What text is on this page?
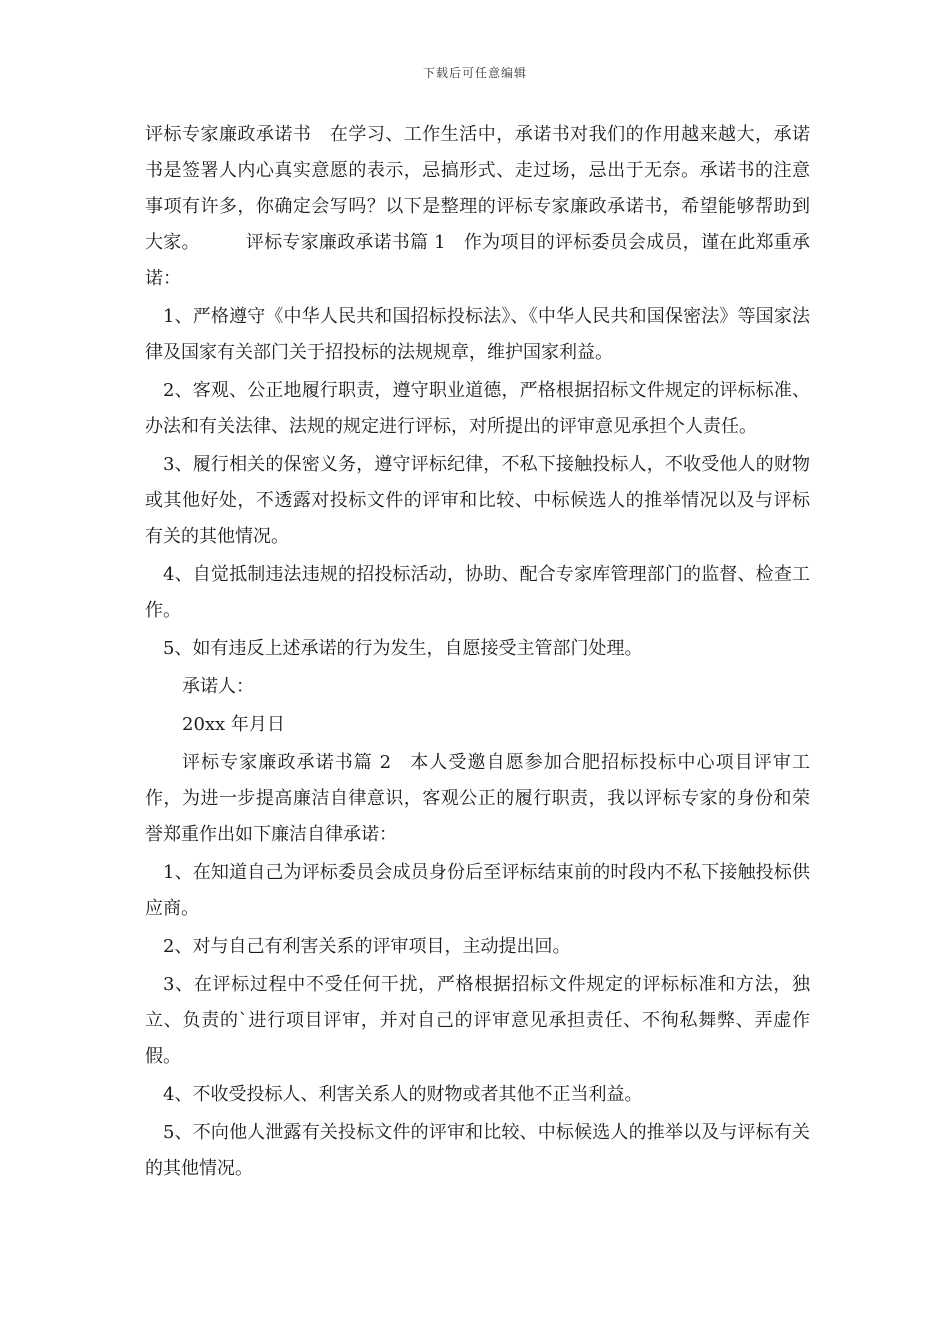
下载后可任意编辑

评标专家廉政承诺书 在学习、工作生活中，承诺书对我们的作用越来越大，承诺书是签署人内心真实意愿的表示，忌搞形式、走过场，忌出于无奈。承诺书的注意事项有许多，你确定会写吗？以下是整理的评标专家廉政承诺书，希望能够帮助到大家。	评标专家廉政承诺书篇 1 作为项目的评标委员会成员，谨在此郑重承诺：

1、严格遵守《中华人民共和国招标投标法》、《中华人民共和国保密法》等国家法律及国家有关部门关于招投标的法规规章，维护国家利益。

2、客观、公正地履行职责，遵守职业道德，严格根据招标文件规定的评标标准、办法和有关法律、法规的规定进行评标，对所提出的评审意见承担个人责任。

3、履行相关的保密义务，遵守评标纪律，不私下接触投标人，不收受他人的财物或其他好处，不透露对投标文件的评审和比较、中标候选人的推举情况以及与评标有关的其他情况。

4、自觉抵制违法违规的招投标活动，协助、配合专家库管理部门的监督、检查工作。

5、如有违反上述承诺的行为发生，自愿接受主管部门处理。

承诺人：

20xx 年月日

评标专家廉政承诺书篇 2 本人受邀自愿参加合肥招标投标中心项目评审工作，为进一步提高廉洁自律意识，客观公正的履行职责，我以评标专家的身份和荣誉郑重作出如下廉洁自律承诺：

1、在知道自己为评标委员会成员身份后至评标结束前的时段内不私下接触投标供应商。

2、对与自己有利害关系的评审项目，主动提出回。

3、在评标过程中不受任何干扰，严格根据招标文件规定的评标标准和方法，独立、负责的`进行项目评审，并对自己的评审意见承担责任、不徇私舞弊、弄虚作假。

4、不收受投标人、利害关系人的财物或者其他不正当利益。

5、不向他人泄露有关投标文件的评审和比较、中标候选人的推举以及与评标有关的其他情况。
